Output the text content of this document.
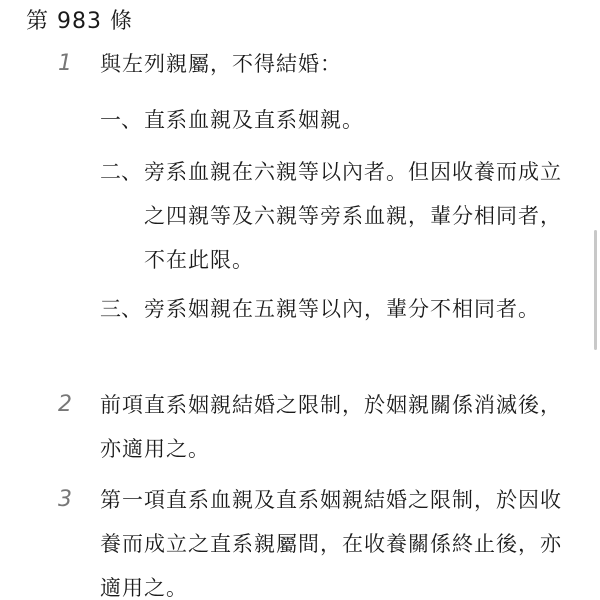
第 983 條
1 與左列親屬，不得結婚：
一、 直系血親及直系姻親。
二、 旁系血親在六親等以內者。但因收養而成立之四親等及六親等旁系血親，輩分相同者，不在此限。
三、 旁系姻親在五親等以內，輩分不相同者。
2 前項直系姻親結婚之限制，於姻親關係消滅後，亦適用之。
3 第一項直系血親及直系姻親結婚之限制，於因收養而成立之直系親屬間，在收養關係終止後，亦適用之。
